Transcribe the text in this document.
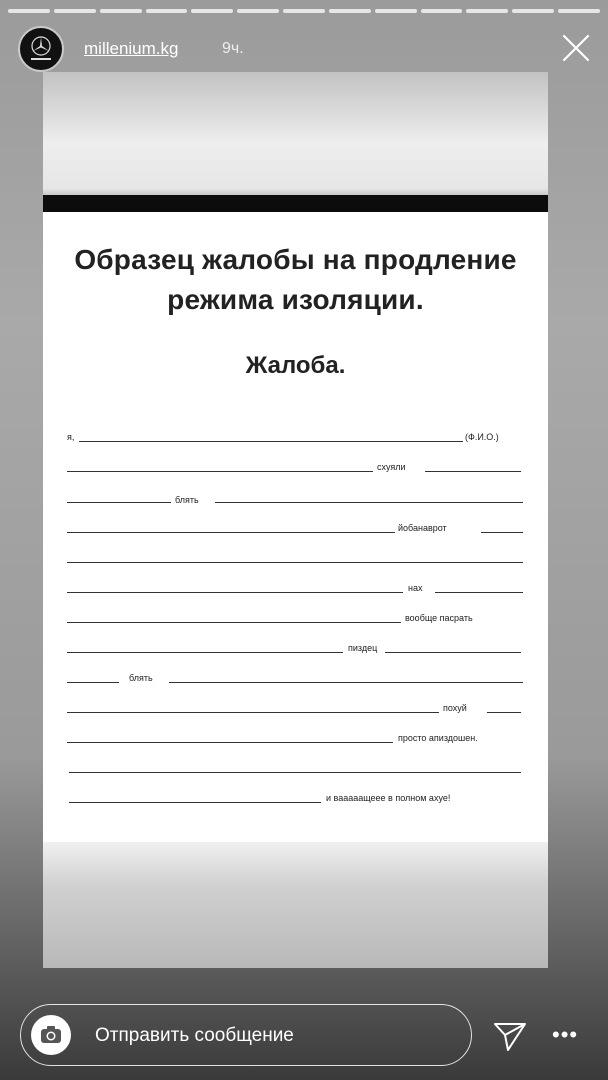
millenium.kg	9ч.
Образец жалобы на продление
режима изоляции.
Жалоба.
я,	(Ф.И.О.)
схуяли
блять
йобанаврот
нах
вообще пасрать
пиздец
блять
похуй
просто апиздошен.
и вааааащеее в полном ахуе!
Отправить сообщение	•••
